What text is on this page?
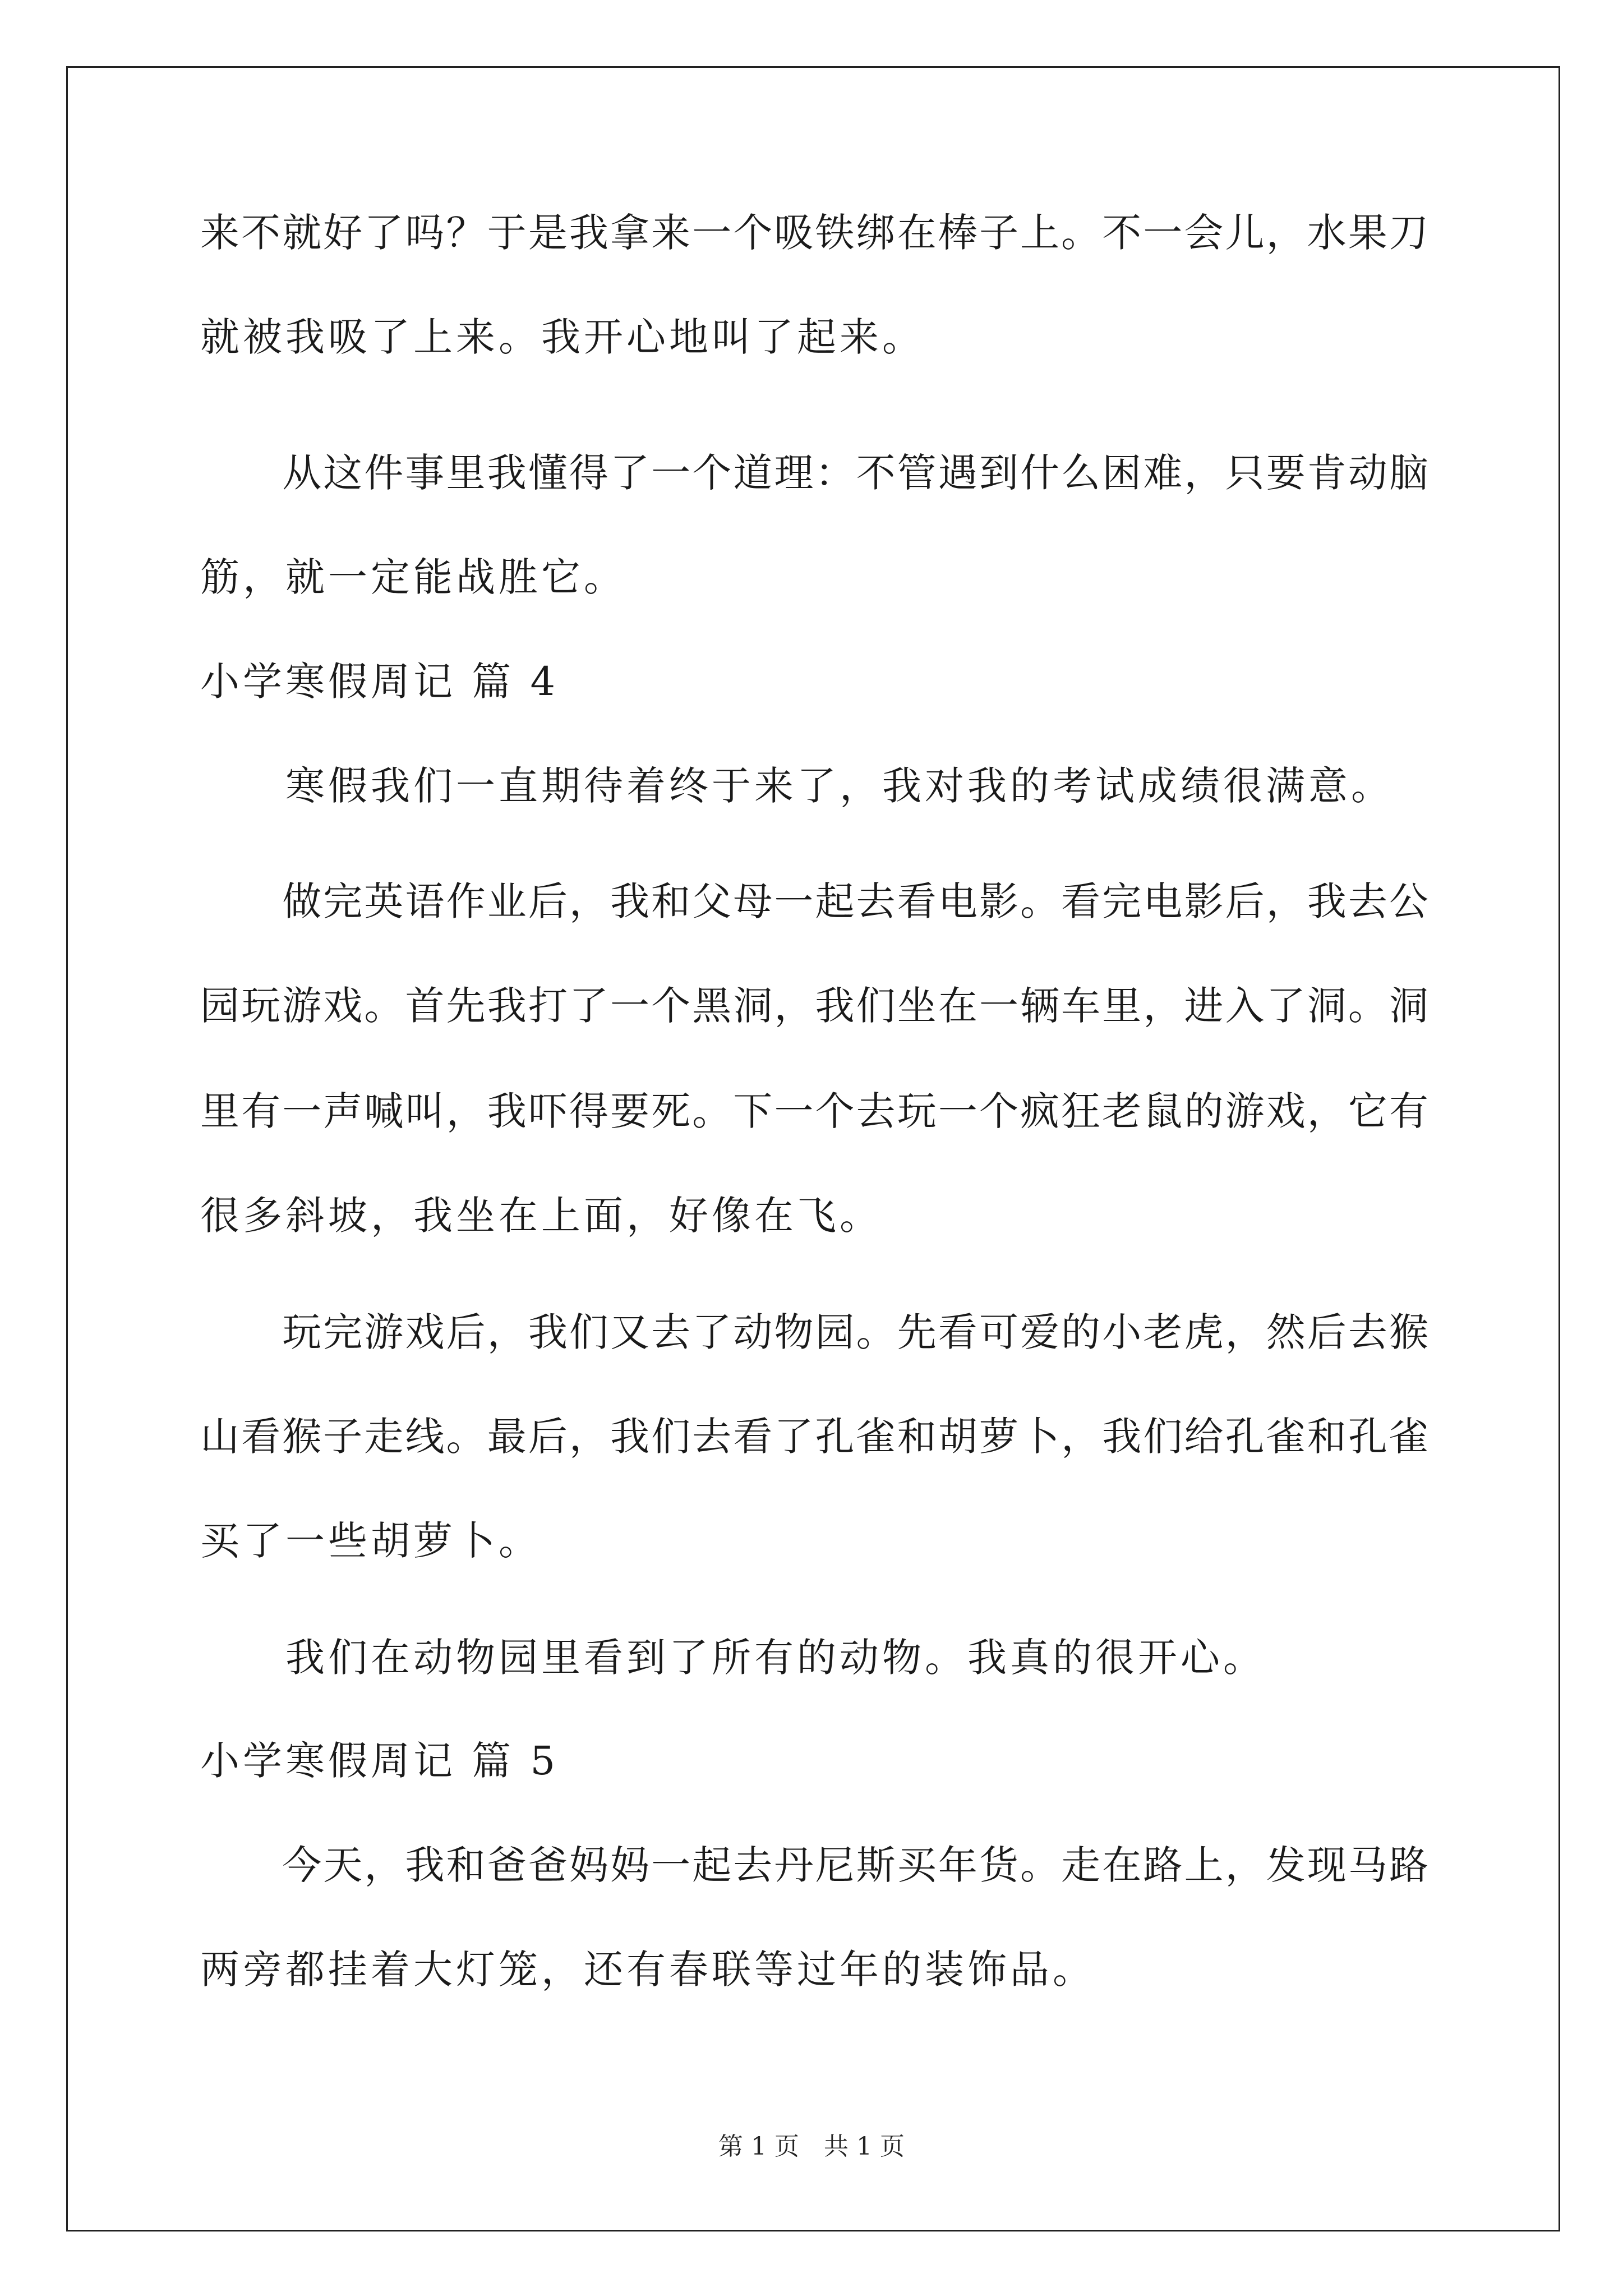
来不就好了吗？于是我拿来一个吸铁绑在棒子上。不一会儿，水果刀
就被我吸了上来。我开心地叫了起来。
　　从这件事里我懂得了一个道理：不管遇到什么困难，只要肯动脑
筋，就一定能战胜它。
小学寒假周记 篇 4
　　寒假我们一直期待着终于来了，我对我的考试成绩很满意。
　　做完英语作业后，我和父母一起去看电影。看完电影后，我去公
园玩游戏。首先我打了一个黑洞，我们坐在一辆车里，进入了洞。洞
里有一声喊叫，我吓得要死。下一个去玩一个疯狂老鼠的游戏，它有
很多斜坡，我坐在上面，好像在飞。
　　玩完游戏后，我们又去了动物园。先看可爱的小老虎，然后去猴
山看猴子走线。最后，我们去看了孔雀和胡萝卜，我们给孔雀和孔雀
买了一些胡萝卜。
　　我们在动物园里看到了所有的动物。我真的很开心。
小学寒假周记 篇 5
　　今天，我和爸爸妈妈一起去丹尼斯买年货。走在路上，发现马路
两旁都挂着大灯笼，还有春联等过年的装饰品。
第 1 页　共 1 页
